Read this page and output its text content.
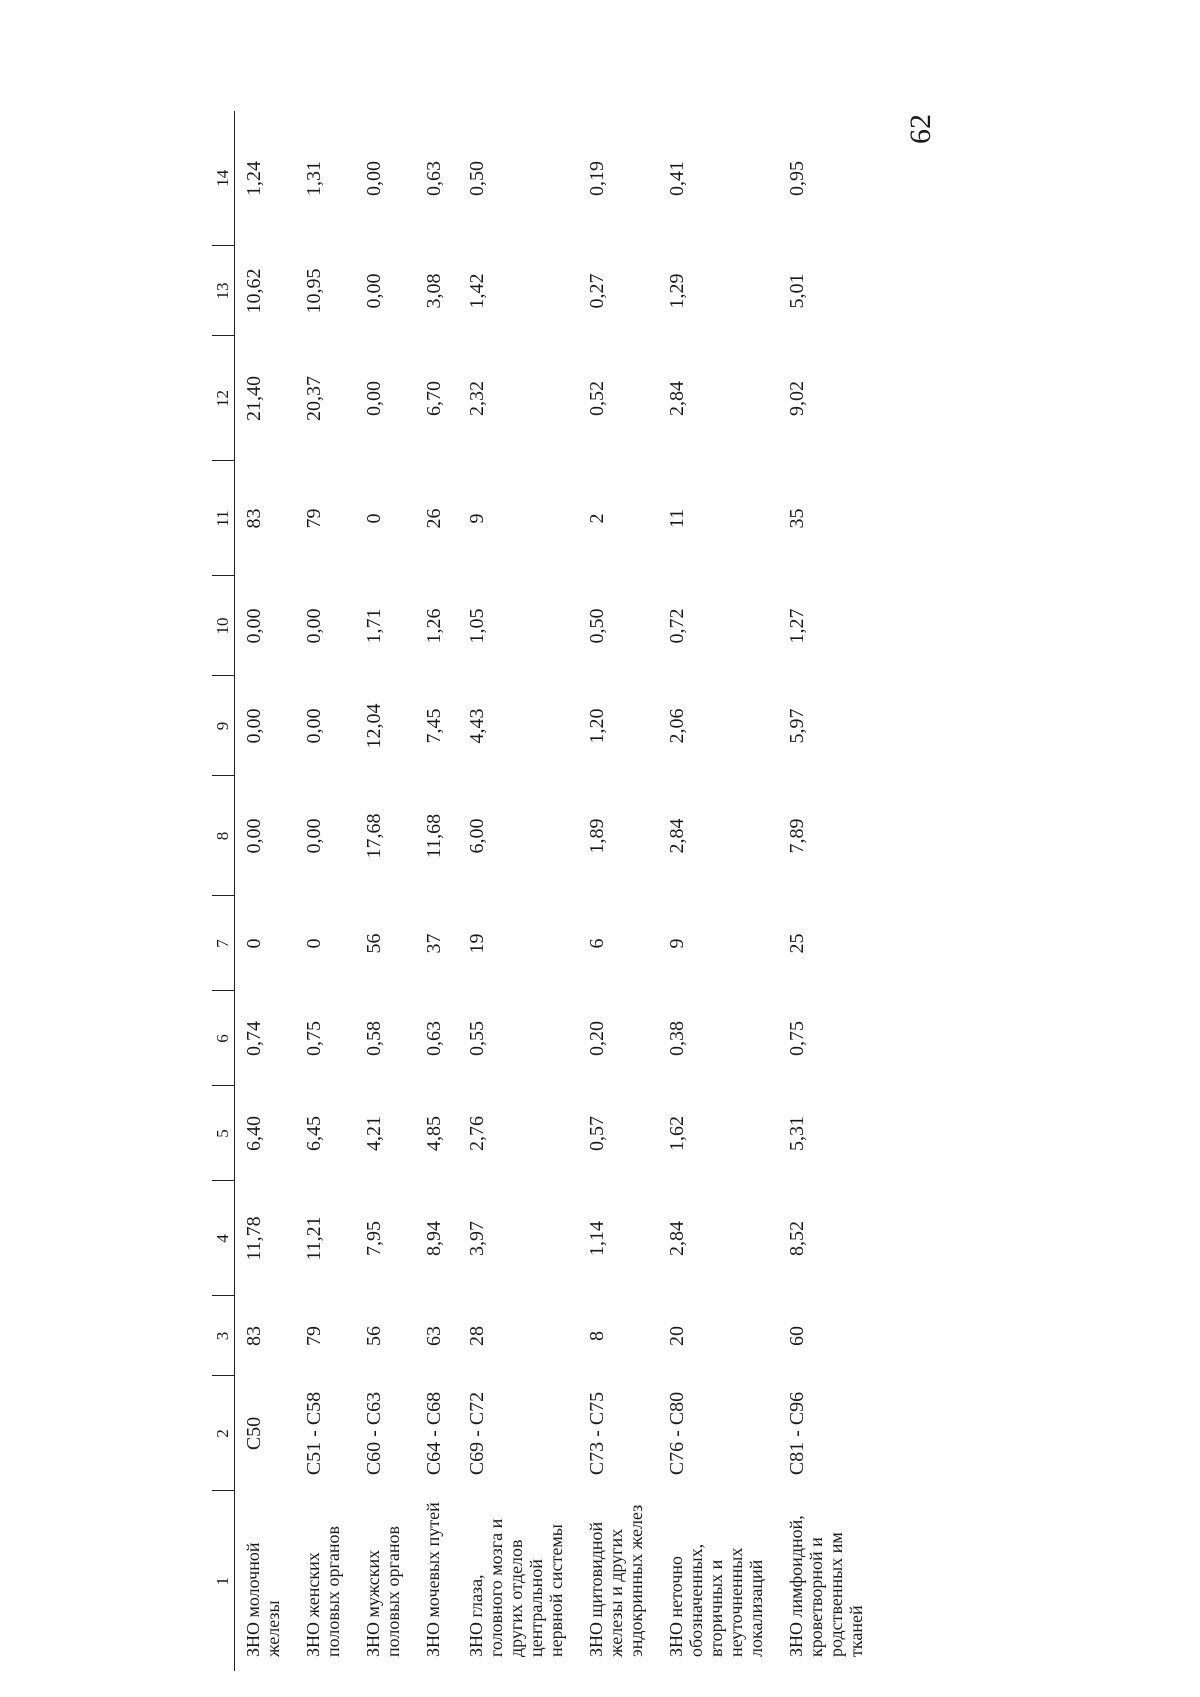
62
1	2	3	4	5	6	7	8	9	10	11	12	13	14
ЗНО молочной железы	C50	83	11,78	6,40	0,74	0	0,00	0,00	0,00	83	21,40	10,62	1,24
ЗНО женских половых органов	C51 - C58	79	11,21	6,45	0,75	0	0,00	0,00	0,00	79	20,37	10,95	1,31
ЗНО мужских половых органов	C60 - C63	56	7,95	4,21	0,58	56	17,68	12,04	1,71	0	0,00	0,00	0,00
ЗНО мочевых путей	C64 - C68	63	8,94	4,85	0,63	37	11,68	7,45	1,26	26	6,70	3,08	0,63
ЗНО глаза, головного мозга и других отделов центральной нервной системы	C69 - C72	28	3,97	2,76	0,55	19	6,00	4,43	1,05	9	2,32	1,42	0,50
ЗНО щитовидной железы и других эндокринных желез	C73 - C75	8	1,14	0,57	0,20	6	1,89	1,20	0,50	2	0,52	0,27	0,19
ЗНО неточно обозначенных, вторичных и неуточненных локализаций	C76 - C80	20	2,84	1,62	0,38	9	2,84	2,06	0,72	11	2,84	1,29	0,41
ЗНО лимфоидной, кроветворной и родственных им тканей	C81 - C96	60	8,52	5,31	0,75	25	7,89	5,97	1,27	35	9,02	5,01	0,95
